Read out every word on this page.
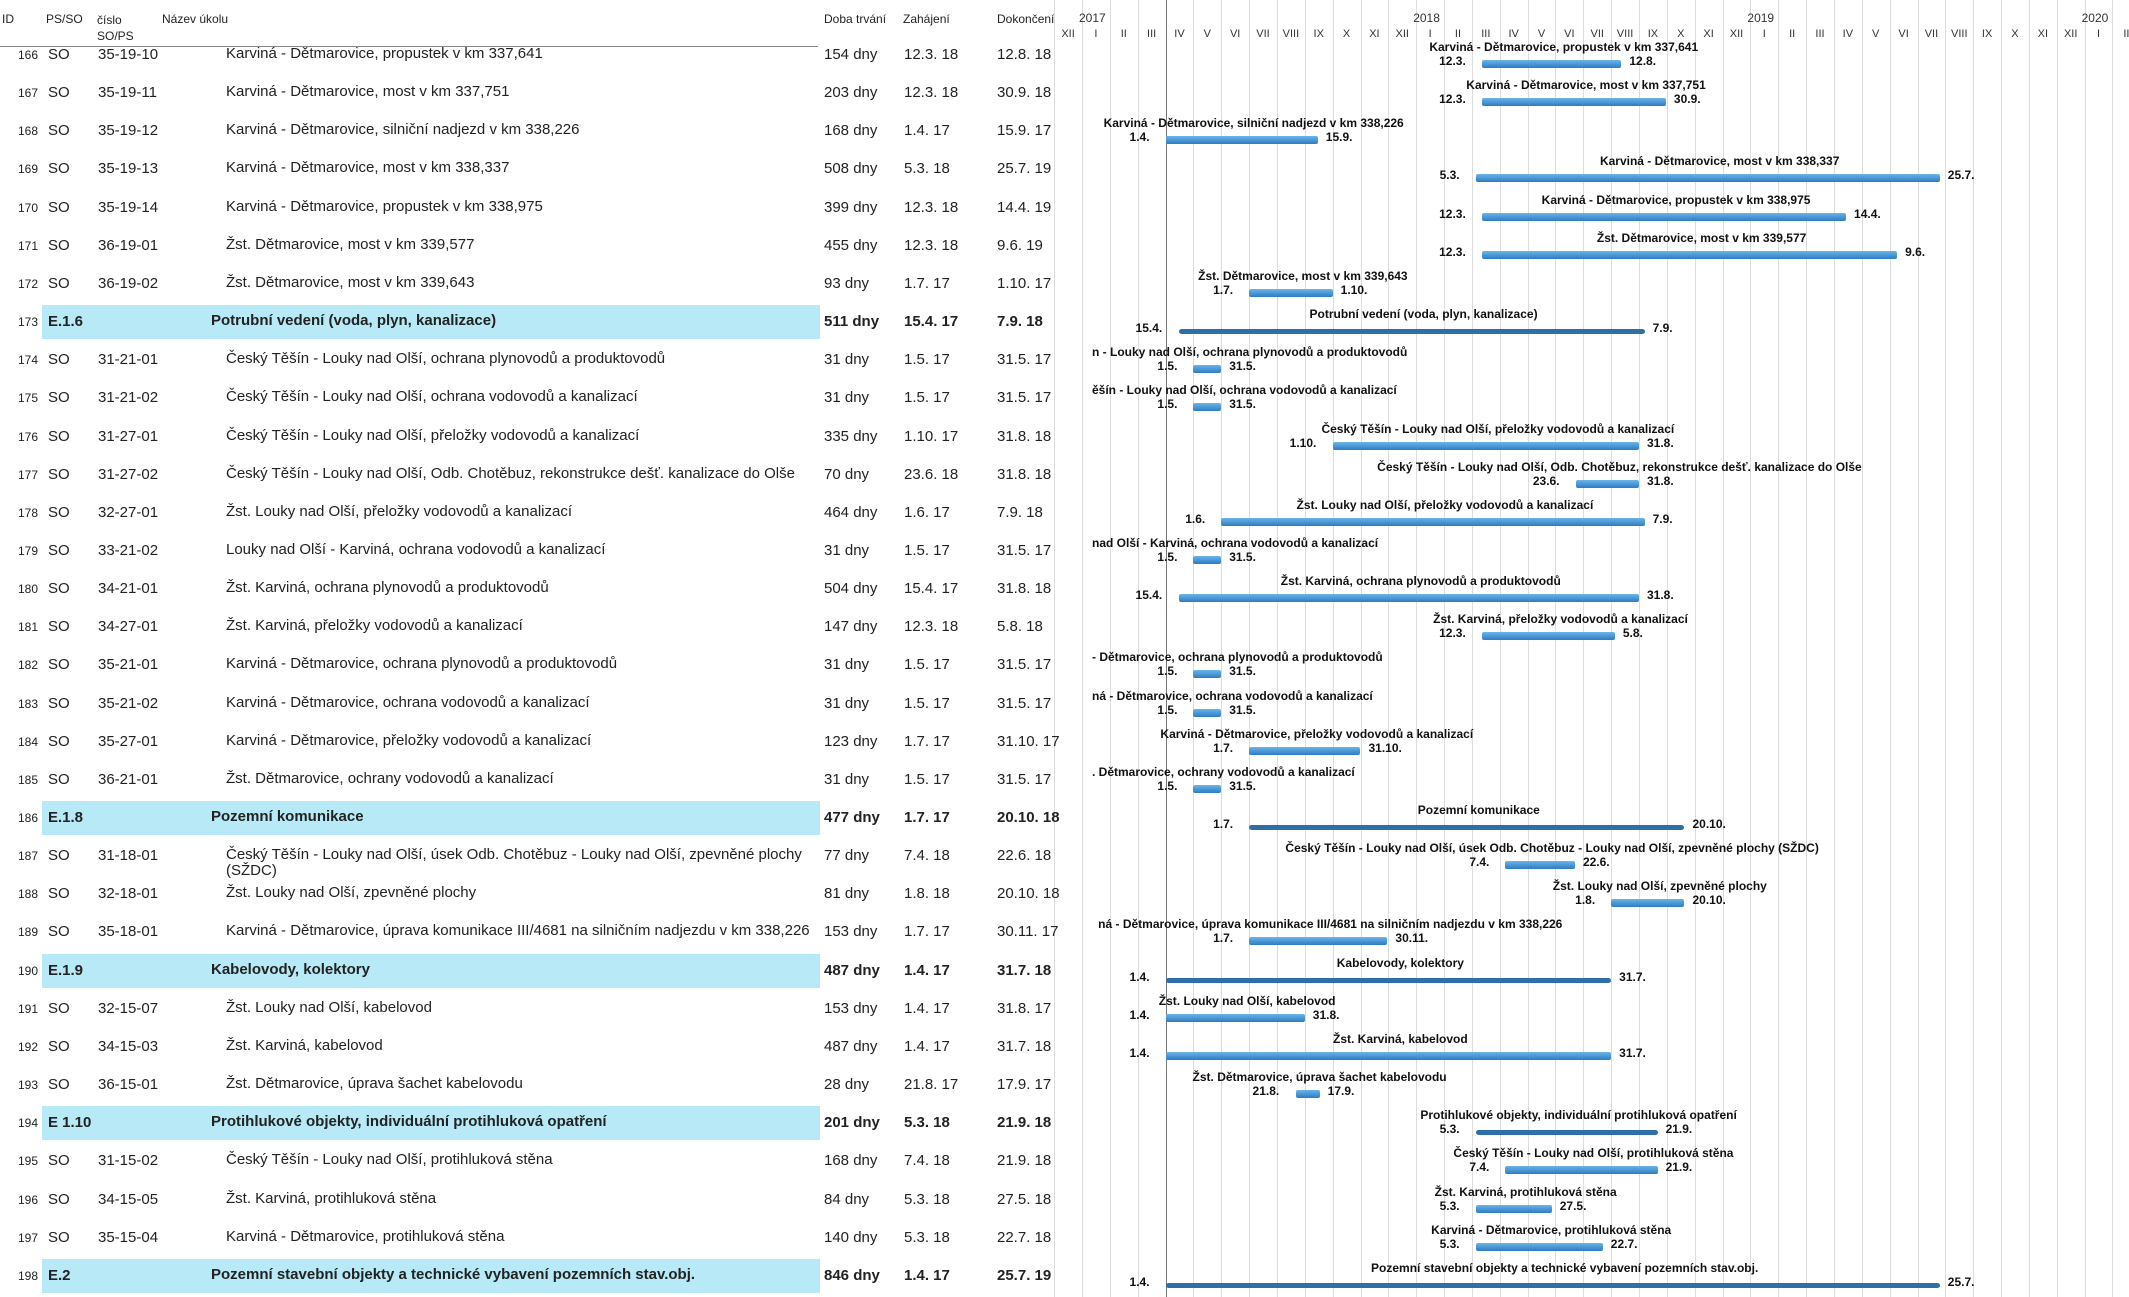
ID	PS/SO číslo SO/PS
Název úkolu	Doba trvání Zahájení	Dokončení
XII I II III IV V VI VII VIII IX X XI XII I II III IV V VI VII VIII IX X XI XII I II III IV V VI VII VIII IX X XI XII I II
2017	2018	2019	2020
166 SO 35-19-10	Karviná - Dětmarovice, propustek v km 337,641	154 dny 12.3. 18	12.8. 18
167 SO 35-19-11	Karviná - Dětmarovice, most v km 337,751	203 dny 12.3. 18	30.9. 18
168 SO 35-19-12	Karviná - Dětmarovice, silniční nadjezd v km 338,226	168 dny 1.4. 17	15.9. 17
169 SO 35-19-13	Karviná - Dětmarovice, most v km 338,337	508 dny 5.3. 18	25.7. 19
170 SO 35-19-14	Karviná - Dětmarovice, propustek v km 338,975	399 dny 12.3. 18	14.4. 19
171 SO 36-19-01	Žst. Dětmarovice, most v km 339,577	455 dny 12.3. 18	9.6. 19
172 SO 36-19-02	Žst. Dětmarovice, most v km 339,643	93 dny 1.7. 17	1.10. 17
173 E.1.6	Potrubní vedení (voda, plyn, kanalizace)	511 dny 15.4. 17	7.9. 18
174 SO 31-21-01	Český Těšín - Louky nad Olší, ochrana plynovodů a produktovodů	31 dny 1.5. 17	31.5. 17
175 SO 31-21-02	Český Těšín - Louky nad Olší, ochrana vodovodů a kanalizací	31 dny 1.5. 17	31.5. 17
176 SO 31-27-01	Český Těšín - Louky nad Olší, přeložky vodovodů a kanalizací	335 dny 1.10. 17	31.8. 18
177 SO 31-27-02	Český Těšín - Louky nad Olší, Odb. Chotěbuz, rekonstrukce dešť. kanalizace do Olše	70 dny 23.6. 18	31.8. 18
178 SO 32-27-01	Žst. Louky nad Olší, přeložky vodovodů a kanalizací	464 dny 1.6. 17	7.9. 18
179 SO 33-21-02	Louky nad Olší - Karviná, ochrana vodovodů a kanalizací	31 dny 1.5. 17	31.5. 17
180 SO 34-21-01	Žst. Karviná, ochrana plynovodů a produktovodů	504 dny 15.4. 17	31.8. 18
181 SO 34-27-01	Žst. Karviná, přeložky vodovodů a kanalizací	147 dny 12.3. 18	5.8. 18
182 SO 35-21-01	Karviná - Dětmarovice, ochrana plynovodů a produktovodů	31 dny 1.5. 17	31.5. 17
183 SO 35-21-02	Karviná - Dětmarovice, ochrana vodovodů a kanalizací	31 dny 1.5. 17	31.5. 17
184 SO 35-27-01	Karviná - Dětmarovice, přeložky vodovodů a kanalizací	123 dny 1.7. 17	31.10. 17
185 SO 36-21-01	Žst. Dětmarovice, ochrany vodovodů a kanalizací	31 dny 1.5. 17	31.5. 17
186 E.1.8	Pozemní komunikace	477 dny 1.7. 17	20.10. 18
187 SO 31-18-01	Český Těšín - Louky nad Olší, úsek Odb. Chotěbuz - Louky nad Olší, zpevněné plochy (SŽDC)
77 dny 7.4. 18	22.6. 18
188 SO 32-18-01	Žst. Louky nad Olší, zpevněné plochy	81 dny 1.8. 18	20.10. 18
189 SO 35-18-01	Karviná - Dětmarovice, úprava komunikace III/4681 na silničním nadjezdu v km 338,226 153 dny 1.7. 17	30.11. 17
190 E.1.9	Kabelovody, kolektory	487 dny 1.4. 17	31.7. 18
191 SO 32-15-07	Žst. Louky nad Olší, kabelovod	153 dny 1.4. 17	31.8. 17
192 SO 34-15-03	Žst. Karviná, kabelovod	487 dny 1.4. 17	31.7. 18
193 SO 36-15-01	Žst. Dětmarovice, úprava šachet kabelovodu	28 dny 21.8. 17	17.9. 17
194 E 1.10	Protihlukové objekty, individuální protihluková opatření	201 dny 5.3. 18	21.9. 18
195 SO 31-15-02	Český Těšín - Louky nad Olší, protihluková stěna	168 dny 7.4. 18	21.9. 18
196 SO 34-15-05	Žst. Karviná, protihluková stěna	84 dny 5.3. 18	27.5. 18
197 SO 35-15-04	Karviná - Dětmarovice, protihluková stěna	140 dny 5.3. 18	22.7. 18
198 E.2	Pozemní stavební objekty a technické vybavení pozemních stav.obj.	846 dny 1.4. 17	25.7. 19
Karviná - Dětmarovice, propustek v km 337,641
12.3.	12.8.
Karviná - Dětmarovice, most v km 337,751
12.3.	30.9.
Karviná - Dětmarovice, silniční nadjezd v km 338,226
1.4.	15.9.
Karviná - Dětmarovice, most v km 338,337
5.3.	25.7.
Karviná - Dětmarovice, propustek v km 338,975
12.3.	14.4.
Žst. Dětmarovice, most v km 339,577
12.3.	9.6.
Žst. Dětmarovice, most v km 339,643
1.7.	1.10.
Potrubní vedení (voda, plyn, kanalizace)
15.4.	7.9.
n - Louky nad Olší, ochrana plynovodů a produktovodů
1.5.	31.5.
ěšín - Louky nad Olší, ochrana vodovodů a kanalizací
1.5.	31.5.
Český Těšín - Louky nad Olší, přeložky vodovodů a kanalizací
1.10.	31.8.
Český Těšín - Louky nad Olší, Odb. Chotěbuz, rekonstrukce dešť. kanalizace do Olše
23.6.	31.8.
Žst. Louky nad Olší, přeložky vodovodů a kanalizací
1.6.	7.9.
nad Olší - Karviná, ochrana vodovodů a kanalizací
1.5.	31.5.
Žst. Karviná, ochrana plynovodů a produktovodů
15.4.	31.8.
Žst. Karviná, přeložky vodovodů a kanalizací
12.3.	5.8.
- Dětmarovice, ochrana plynovodů a produktovodů
1.5.	31.5.
ná - Dětmarovice, ochrana vodovodů a kanalizací
1.5.	31.5.
Karviná - Dětmarovice, přeložky vodovodů a kanalizací
1.7.	31.10.
. Dětmarovice, ochrany vodovodů a kanalizací
1.5.	31.5.
Pozemní komunikace
1.7.	20.10.
Český Těšín - Louky nad Olší, úsek Odb. Chotěbuz - Louky nad Olší, zpevněné plochy (SŽDC)
7.4.	22.6.
Žst. Louky nad Olší, zpevněné plochy
1.8.	20.10.
ná - Dětmarovice, úprava komunikace III/4681 na silničním nadjezdu v km 338,226
1.7.	30.11.
Kabelovody, kolektory
1.4.	31.7.
Žst. Louky nad Olší, kabelovod
1.4.	31.8.
Žst. Karviná, kabelovod
1.4.	31.7.
Žst. Dětmarovice, úprava šachet kabelovodu
21.8.	17.9.
Protihlukové objekty, individuální protihluková opatření
5.3.	21.9.
Český Těšín - Louky nad Olší, protihluková stěna
7.4.	21.9.
Žst. Karviná, protihluková stěna
5.3.	27.5.
Karviná - Dětmarovice, protihluková stěna
5.3.	22.7.
Pozemní stavební objekty a technické vybavení pozemních stav.obj.
1.4.	25.7.
